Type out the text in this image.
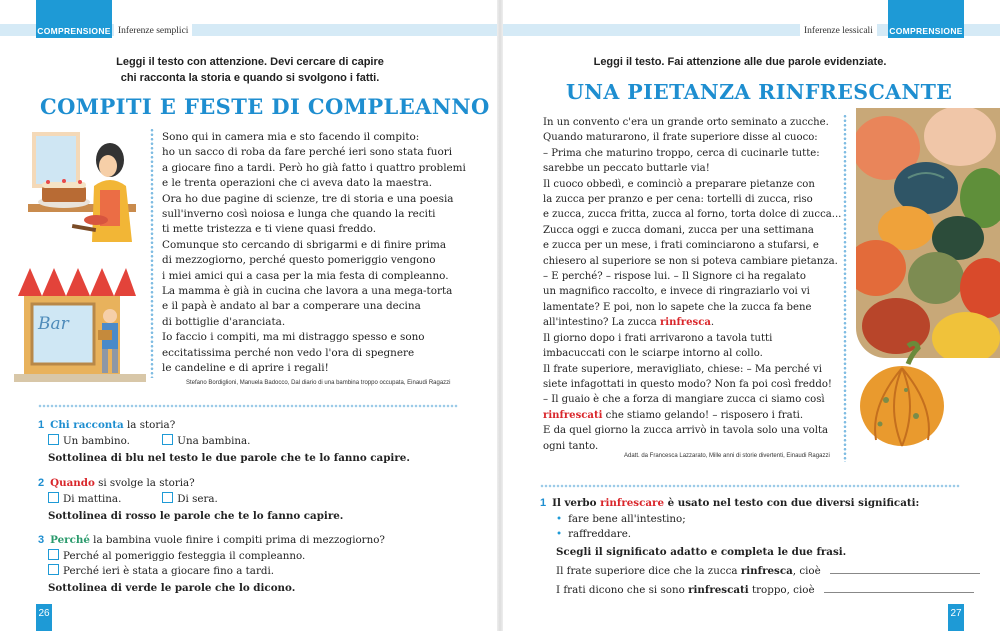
COMPRENSIONE Inferenze semplici
Leggi il testo con attenzione. Devi cercare di capire
chi racconta la storia e quando si svolgono i fatti.
COMPITI E FESTE DI COMPLEANNO
Bar
Sono qui in camera mia e sto facendo il compito:
ho un sacco di roba da fare perché ieri sono stata fuori
a giocare fino a tardi. Però ho già fatto i quattro problemi
e le trenta operazioni che ci aveva dato la maestra.
Ora ho due pagine di scienze, tre di storia e una poesia
sull'inverno così noiosa e lunga che quando la reciti
ti mette tristezza e ti viene quasi freddo.
Comunque sto cercando di sbrigarmi e di finire prima
di mezzogiorno, perché questo pomeriggio vengono
i miei amici qui a casa per la mia festa di compleanno.
La mamma è già in cucina che lavora a una mega-torta
e il papà è andato al bar a comperare una decina
di bottiglie d'aranciata.
Io faccio i compiti, ma mi distraggo spesso e sono
eccitatissima perché non vedo l'ora di spegnere
le candeline e di aprire i regali!
Stefano Bordiglioni, Manuela Badocco, Dal diario di una bambina troppo occupata, Einaudi Ragazzi
1 Chi racconta la storia?
Un bambino.	Una bambina.
Sottolinea di blu nel testo le due parole che te lo fanno capire.
2 Quando si svolge la storia?
Di mattina.	Di sera.
Sottolinea di rosso le parole che te lo fanno capire.
3 Perché la bambina vuole finire i compiti prima di mezzogiorno?
Perché al pomeriggio festeggia il compleanno.
Perché ieri è stata a giocare fino a tardi.
Sottolinea di verde le parole che lo dicono.
26
Inferenze lessicali	COMPRENSIONE
Leggi il testo. Fai attenzione alle due parole evidenziate.
UNA PIETANZA RINFRESCANTE
In un convento c'era un grande orto seminato a zucche.
Quando maturarono, il frate superiore disse al cuoco:
– Prima che maturino troppo, cerca di cucinarle tutte:
sarebbe un peccato buttarle via!
Il cuoco obbedì, e cominciò a preparare pietanze con
la zucca per pranzo e per cena: tortelli di zucca, riso
e zucca, zucca fritta, zucca al forno, torta dolce di zucca...
Zucca oggi e zucca domani, zucca per una settimana
e zucca per un mese, i frati cominciarono a stufarsi, e
chiesero al superiore se non si poteva cambiare pietanza.
– E perché? – rispose lui. – Il Signore ci ha regalato
un magnifico raccolto, e invece di ringraziarlo voi vi
lamentate? E poi, non lo sapete che la zucca fa bene
all'intestino? La zucca rinfresca.
Il giorno dopo i frati arrivarono a tavola tutti
imbacuccati con le sciarpe intorno al collo.
Il frate superiore, meravigliato, chiese: – Ma perché vi
siete infagottati in questo modo? Non fa poi così freddo!
– Il guaio è che a forza di mangiare zucca ci siamo così
rinfrescati che stiamo gelando! – risposero i frati.
E da quel giorno la zucca arrivò in tavola solo una volta
ogni tanto.
Adatt. da Francesca Lazzarato, Mille anni di storie divertenti, Einaudi Ragazzi
1 Il verbo rinfrescare è usato nel testo con due diversi significati:
• fare bene all'intestino;
• raffreddare.
Scegli il significato adatto e completa le due frasi.
Il frate superiore dice che la zucca rinfresca, cioè
I frati dicono che si sono rinfrescati troppo, cioè
27
